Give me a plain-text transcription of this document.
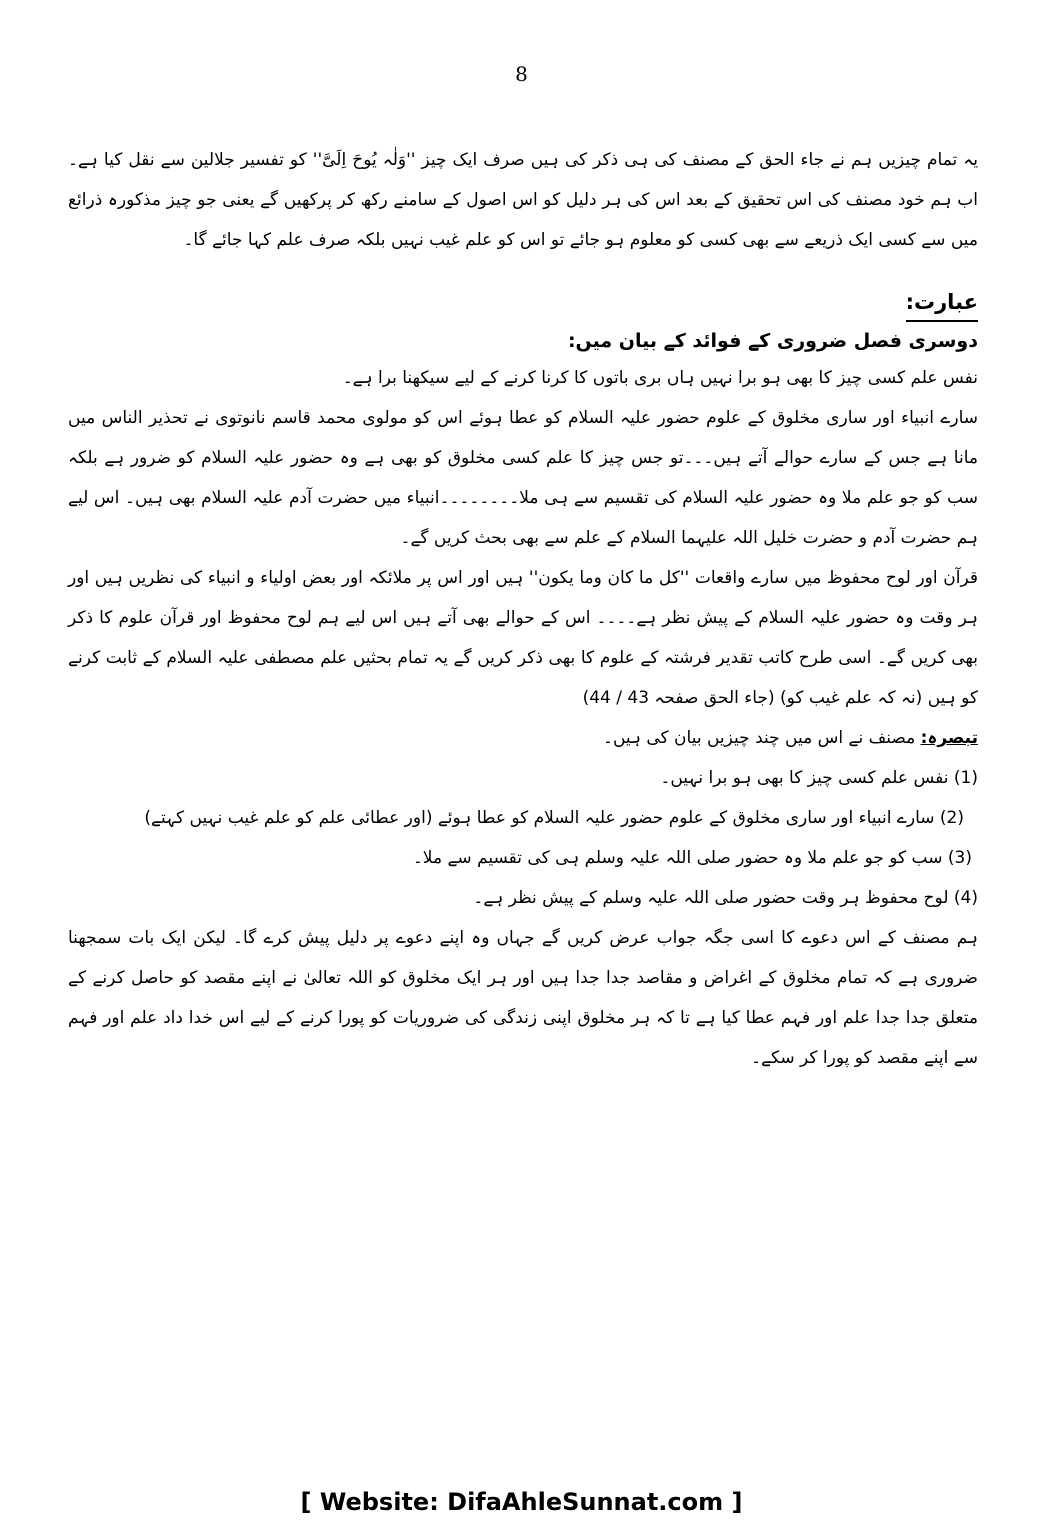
8

یہ تمام چیزیں ہم نے جاء الحق کے مصنف کی ہی ذکر کی ہیں صرف ایک چیز ''وَلٰہ یُوحَ اِلَیَّ'' کو تفسیر جلالین سے نقل کیا ہے۔ اب ہم خود مصنف کی اس تحقیق کے بعد اس کی ہر دلیل کو اس اصول کے سامنے رکھ کر پرکھیں گے یعنی جو چیز مذکورہ ذرائع میں سے کسی ایک ذریعے سے بھی کسی کو معلوم ہو جائے تو اس کو علم غیب نہیں بلکہ صرف علم کہا جائے گا۔

عبارت:

دوسری فصل ضروری کے فوائد کے بیان میں:

نفس علم کسی چیز کا بھی ہو برا نہیں ہاں بری باتوں کا کرنا کرنے کے لیے سیکھنا برا ہے۔

سارے انبیاء اور ساری مخلوق کے علوم حضور علیہ السلام کو عطا ہوئے اس کو مولوی محمد قاسم نانوتوی نے تحذیر الناس میں مانا ہے جس کے سارے حوالے آتے ہیں۔۔۔تو جس چیز کا علم کسی مخلوق کو بھی ہے وہ حضور علیہ السلام کو ضرور ہے بلکہ سب کو جو علم ملا وہ حضور علیہ السلام کی تقسیم سے ہی ملا۔۔۔۔۔۔۔۔انبیاء میں حضرت آدم علیہ السلام بھی ہیں۔ اس لیے ہم حضرت آدم و حضرت خلیل اللہ علیہما السلام کے علم سے بھی بحث کریں گے۔

قرآن اور لوح محفوظ میں سارے واقعات ''کل ما کان وما یکون'' ہیں اور اس پر ملائکہ اور بعض اولیاء و انبیاء کی نظریں ہیں اور ہر وقت وہ حضور علیہ السلام کے پیش نظر ہے۔۔۔۔ اس کے حوالے بھی آتے ہیں اس لیے ہم لوح محفوظ اور قرآن علوم کا ذکر بھی کریں گے۔ اسی طرح کاتب تقدیر فرشتہ کے علوم کا بھی ذکر کریں گے یہ تمام بحثیں علم مصطفی علیہ السلام کے ثابت کرنے کو ہیں (نہ کہ علم غیب کو) (جاء الحق صفحہ 43 / 44)

تبصرہ: مصنف نے اس میں چند چیزیں بیان کی ہیں۔

(1) نفس علم کسی چیز کا بھی ہو برا نہیں۔
(2) سارے انبیاء اور ساری مخلوق کے علوم حضور علیہ السلام کو عطا ہوئے (اور عطائی علم کو علم غیب نہیں کہتے)
(3) سب کو جو علم ملا وہ حضور صلی اللہ علیہ وسلم ہی کی تقسیم سے ملا۔
(4) لوح محفوظ ہر وقت حضور صلی اللہ علیہ وسلم کے پیش نظر ہے۔

ہم مصنف کے اس دعوے کا اسی جگہ جواب عرض کریں گے جہاں وہ اپنے دعوے پر دلیل پیش کرے گا۔ لیکن ایک بات سمجھنا ضروری ہے کہ تمام مخلوق کے اغراض و مقاصد جدا جدا ہیں اور ہر ایک مخلوق کو اللہ تعالیٰ نے اپنے مقصد کو حاصل کرنے کے متعلق جدا جدا علم اور فہم عطا کیا ہے تا کہ ہر مخلوق اپنی زندگی کی ضروریات کو پورا کرنے کے لیے اس خدا داد علم اور فہم سے اپنے مقصد کو پورا کر سکے۔

[ Website: DifaAhleSunnat.com ]
